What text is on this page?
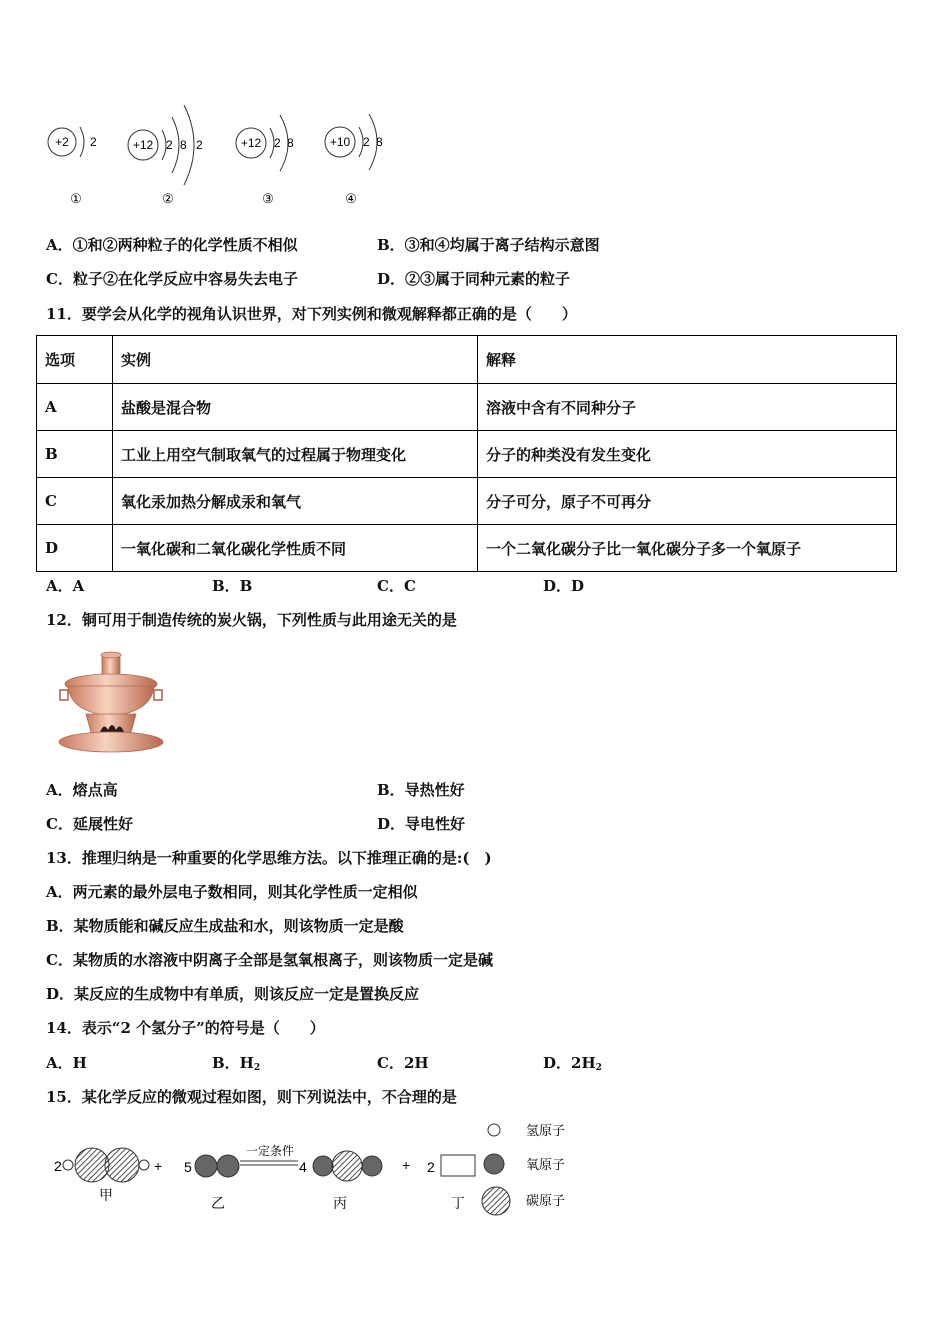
+2 2
①
+12 2 8 2
②
+12 2 8
③
+10 2 8
④
A．①和②两种粒子的化学性质不相似	B．③和④均属于离子结构示意图
C．粒子②在化学反应中容易失去电子	D．②③属于同种元素的粒子
11．要学会从化学的视角认识世界，对下列实例和微观解释都正确的是（　　）
选项	实例	解释
A	盐酸是混合物	溶液中含有不同种分子
B	工业上用空气制取氧气的过程属于物理变化	分子的种类没有发生变化
C	氧化汞加热分解成汞和氧气	分子可分，原子不可再分
D	一氧化碳和二氧化碳化学性质不同	一个二氧化碳分子比一氧化碳分子多一个氧原子
A．A	B．B	C．C	D．D
12．铜可用于制造传统的炭火锅，下列性质与此用途无关的是
A．熔点高	B．导热性好
C．延展性好	D．导电性好
13．推理归纳是一种重要的化学思维方法。以下推理正确的是:(　)
A．两元素的最外层电子数相同，则其化学性质一定相似
B．某物质能和碱反应生成盐和水，则该物质一定是酸
C．某物质的水溶液中阴离子全部是氢氧根离子，则该物质一定是碱
D．某反应的生成物中有单质，则该反应一定是置换反应
14．表示“2 个氢分子”的符号是（　　）
A．H	B．$H_2$	C．2H	D．$2H_2$
15．某化学反应的微观过程如图，则下列说法中，不合理的是
2	+
甲
5
乙
一定条件
4
丙
+ 2
丁
氢原子
氧原子
碳原子
